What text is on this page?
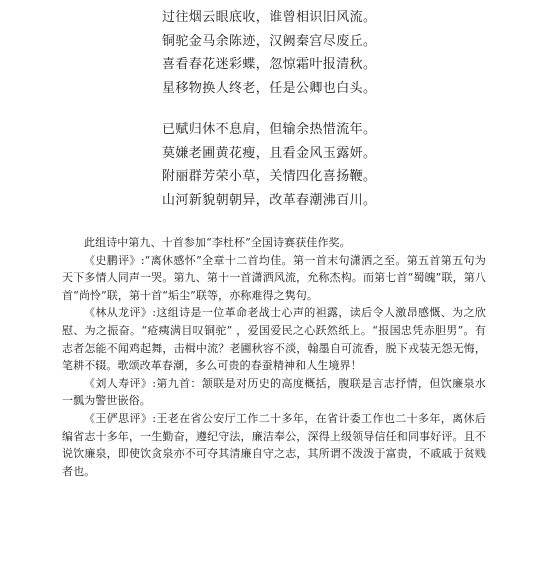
过往烟云眼底收，谁曾相识旧风流。
铜驼金马余陈迹，汉阙秦宫尽废丘。
喜看春花迷彩蝶，忽惊霜叶报清秋。
星移物换人终老，任是公卿也白头。
已赋归休不息肩，但输余热惜流年。
莫嫌老圃黄花瘦，且看金风玉露妍。
附丽群芳荣小草，关情四化喜扬鞭。
山河新貌朝朝异，改革春潮沸百川。

此组诗中第九、十首参加“李杜杯”全国诗赛获佳作奖。

《史鹏评》:“离休感怀”全章十二首均佳。第一首末句潇洒之至。第五首第五句为天下多情人同声一哭。第九、第十一首潇洒风流，允称杰构。而第七首“蜀魄”联，第八首“尚怜”联，第十首“垢尘”联等，亦称难得之隽句。

《林从龙评》:这组诗是一位革命老战士心声的袒露，读后令人激昂感慨、为之欣慰、为之振奋。“疮痍满目叹铜驼” ，爱国爱民之心跃然纸上。“报国忠凭赤胆男”。有志者怎能不闻鸡起舞，击楫中流？老圃秋容不淡，翰墨自可流香，脱下戎装无怨无悔，笔耕不辍。歌颂改革春潮，多么可贵的春蚕精神和人生境界！

《刘人寿评》:第九首：颔联是对历史的高度概括，腹联是言志抒情，但饮廉泉水一瓢为警世嵌俗。

《王俨思评》:王老在省公安厅工作二十多年，在省计委工作也二十多年，离休后编省志十多年，一生勤奋，遵纪守法，廉洁奉公，深得上级领导信任和同事好评。且不说饮廉泉，即使饮贪泉亦不可夺其清廉自守之志，其所谓不泼泼于富贵，不戚戚于贫贱者也。
